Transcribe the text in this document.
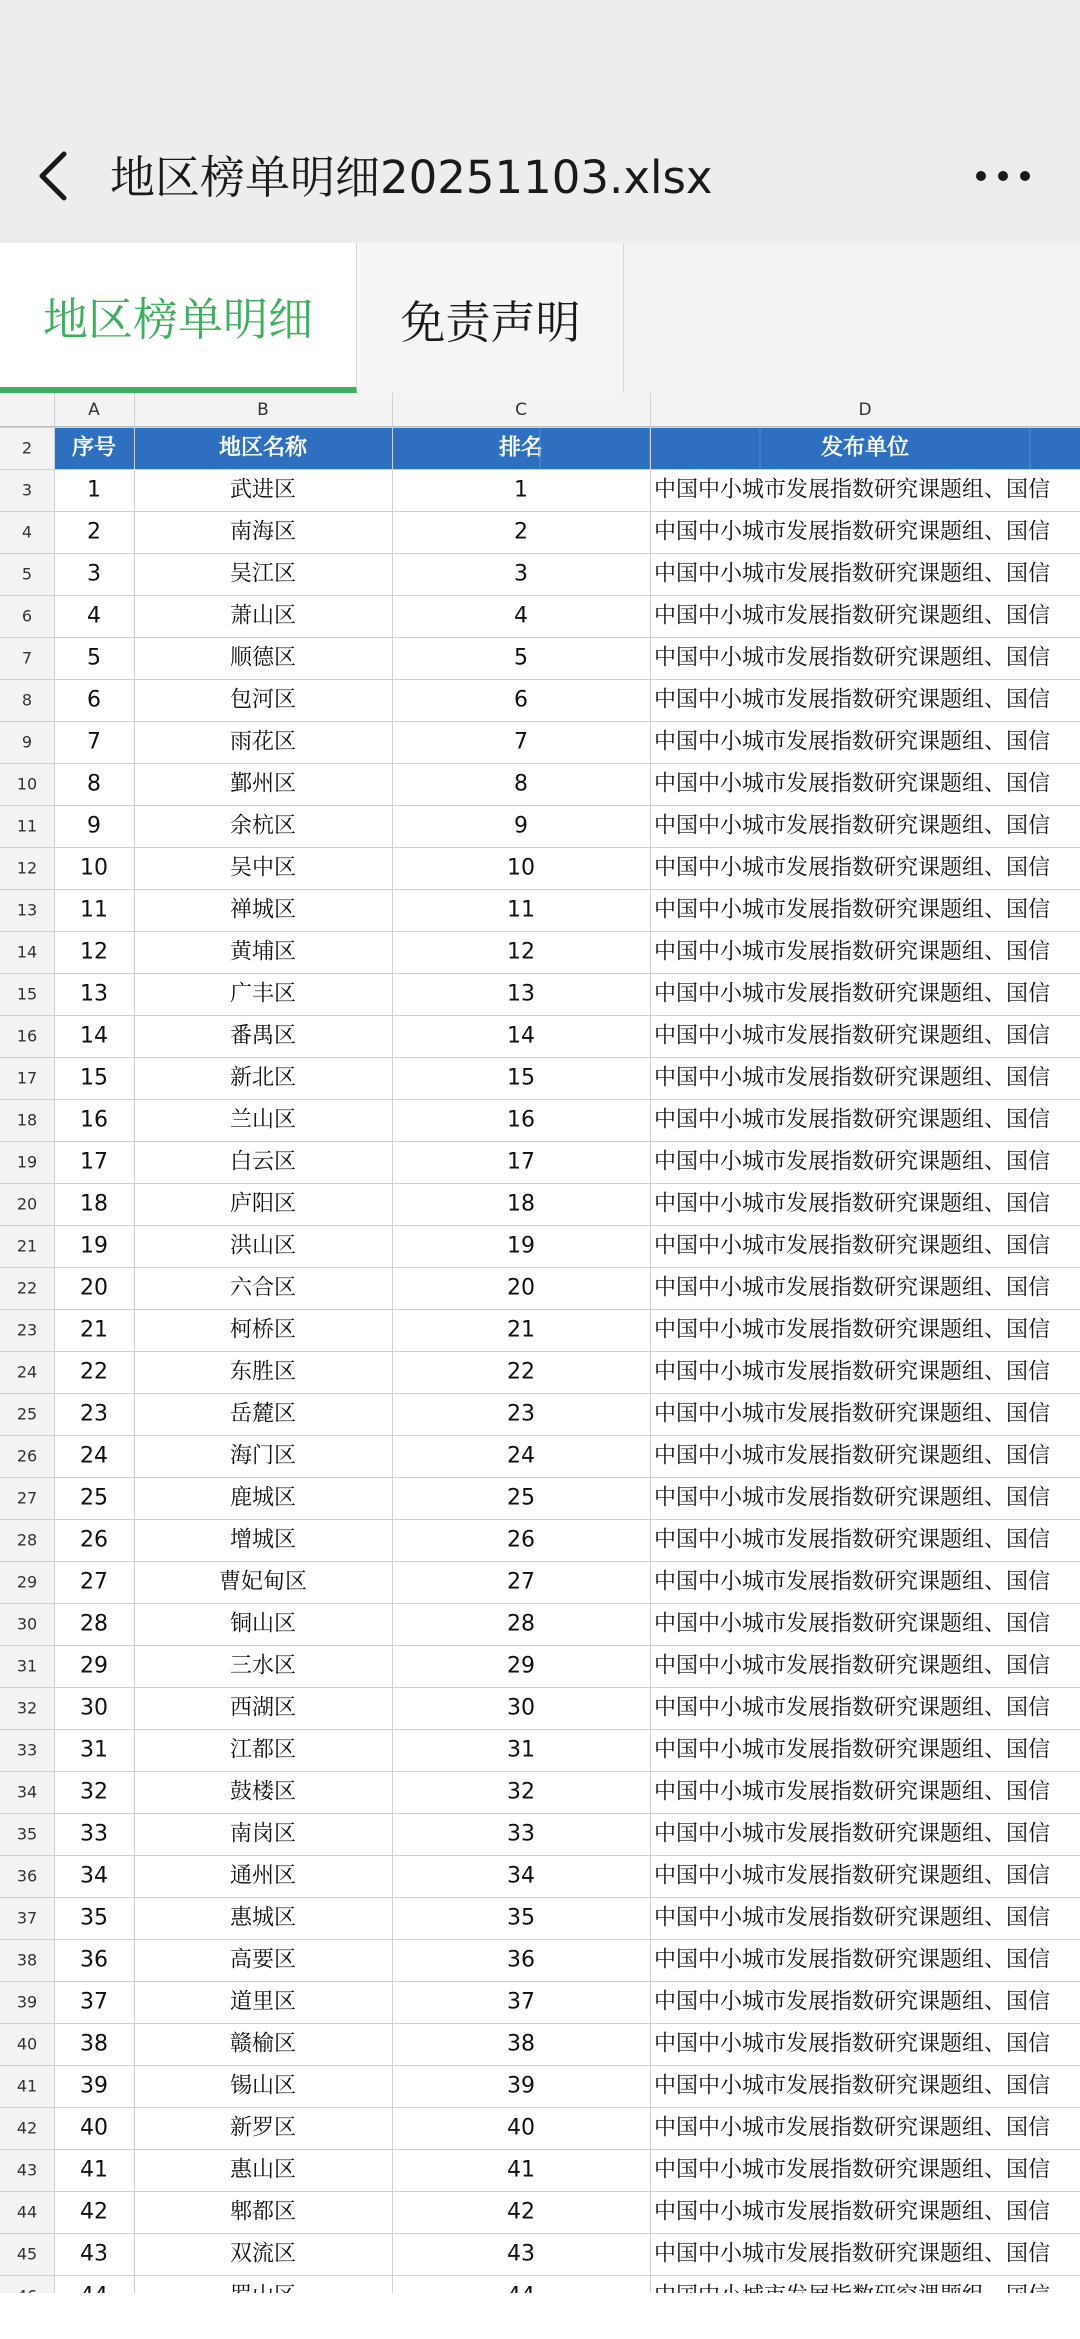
地区榜单明细20251103.xlsx
地区榜单明细	免责声明
A	B	C	D
2 序号	地区名称	排名	发布单位
3 1	武进区	1	中国中小城市发展指数研究课题组、国信
4 2	南海区	2	中国中小城市发展指数研究课题组、国信
5 3	吴江区	3	中国中小城市发展指数研究课题组、国信
6 4	萧山区	4	中国中小城市发展指数研究课题组、国信
7 5	顺德区	5	中国中小城市发展指数研究课题组、国信
8 6	包河区	6	中国中小城市发展指数研究课题组、国信
9 7	雨花区	7	中国中小城市发展指数研究课题组、国信
10 8	鄞州区	8	中国中小城市发展指数研究课题组、国信
11 9	余杭区	9	中国中小城市发展指数研究课题组、国信
12 10	吴中区	10	中国中小城市发展指数研究课题组、国信
13 11	禅城区	11	中国中小城市发展指数研究课题组、国信
14 12	黄埔区	12	中国中小城市发展指数研究课题组、国信
15 13	广丰区	13	中国中小城市发展指数研究课题组、国信
16 14	番禺区	14	中国中小城市发展指数研究课题组、国信
17 15	新北区	15	中国中小城市发展指数研究课题组、国信
18 16	兰山区	16	中国中小城市发展指数研究课题组、国信
19 17	白云区	17	中国中小城市发展指数研究课题组、国信
20 18	庐阳区	18	中国中小城市发展指数研究课题组、国信
21 19	洪山区	19	中国中小城市发展指数研究课题组、国信
22 20	六合区	20	中国中小城市发展指数研究课题组、国信
23 21	柯桥区	21	中国中小城市发展指数研究课题组、国信
24 22	东胜区	22	中国中小城市发展指数研究课题组、国信
25 23	岳麓区	23	中国中小城市发展指数研究课题组、国信
26 24	海门区	24	中国中小城市发展指数研究课题组、国信
27 25	鹿城区	25	中国中小城市发展指数研究课题组、国信
28 26	增城区	26	中国中小城市发展指数研究课题组、国信
29 27	曹妃甸区	27	中国中小城市发展指数研究课题组、国信
30 28	铜山区	28	中国中小城市发展指数研究课题组、国信
31 29	三水区	29	中国中小城市发展指数研究课题组、国信
32 30	西湖区	30	中国中小城市发展指数研究课题组、国信
33 31	江都区	31	中国中小城市发展指数研究课题组、国信
34 32	鼓楼区	32	中国中小城市发展指数研究课题组、国信
35 33	南岗区	33	中国中小城市发展指数研究课题组、国信
36 34	通州区	34	中国中小城市发展指数研究课题组、国信
37 35	惠城区	35	中国中小城市发展指数研究课题组、国信
38 36	高要区	36	中国中小城市发展指数研究课题组、国信
39 37	道里区	37	中国中小城市发展指数研究课题组、国信
40 38	赣榆区	38	中国中小城市发展指数研究课题组、国信
41 39	锡山区	39	中国中小城市发展指数研究课题组、国信
42 40	新罗区	40	中国中小城市发展指数研究课题组、国信
43 41	惠山区	41	中国中小城市发展指数研究课题组、国信
44 42	郫都区	42	中国中小城市发展指数研究课题组、国信
45 43	双流区	43	中国中小城市发展指数研究课题组、国信
